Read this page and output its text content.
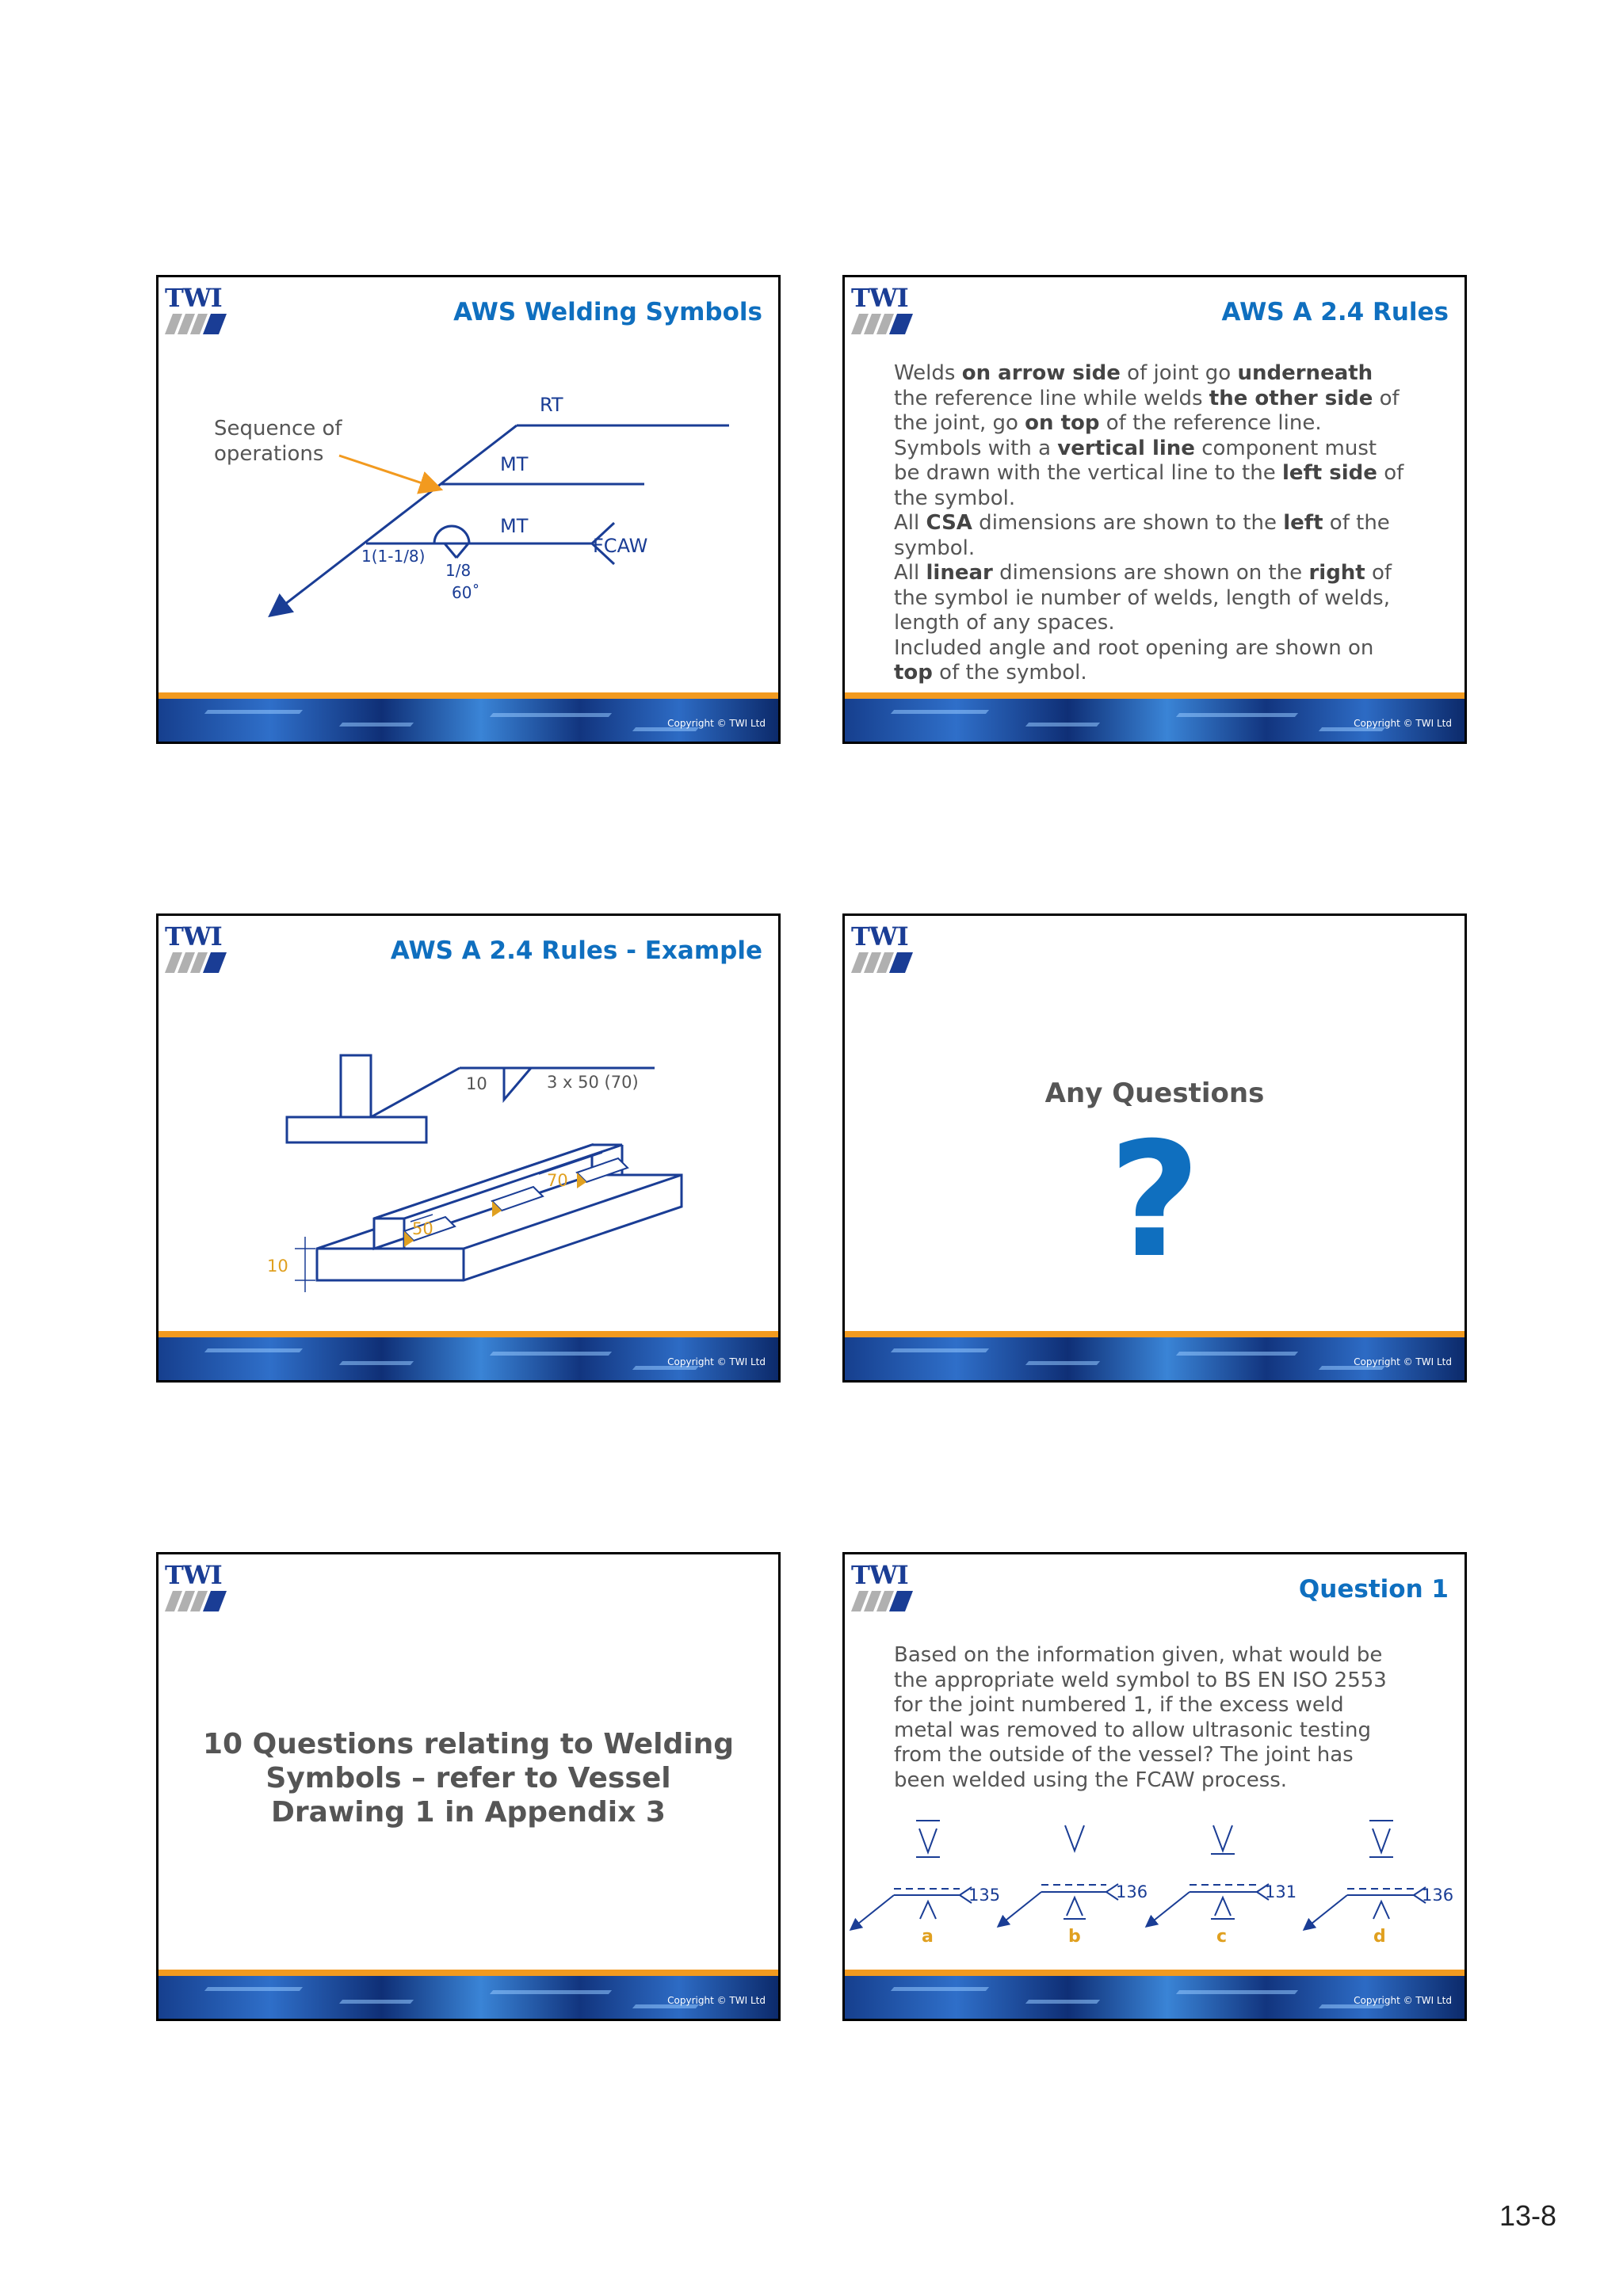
TWI	AWS Welding Symbols
Sequence of
operations
RT
MT
MT
FCAW
1(1-1/8)
1/8
60˚
Copyright © TWI Ltd
TWI	AWS A 2.4 Rules
Welds on arrow side of joint go underneath
the reference line while welds the other side of
the joint, go on top of the reference line.
Symbols with a vertical line component must
be drawn with the vertical line to the left side of
the symbol.
All CSA dimensions are shown to the left of the
symbol.
All linear dimensions are shown on the right of
the symbol ie number of welds, length of welds,
length of any spaces.
Included angle and root opening are shown on
top of the symbol.
Copyright © TWI Ltd
TWI	AWS A 2.4 Rules - Example
10	3 x 50 (70)
70
50
10
Copyright © TWI Ltd
TWI
Any Questions
?
Copyright © TWI Ltd
TWI
10 Questions relating to Welding
Symbols – refer to Vessel
Drawing 1 in Appendix 3
Copyright © TWI Ltd
TWI	Question 1
Based on the information given, what would be
the appropriate weld symbol to BS EN ISO 2553
for the joint numbered 1, if the excess weld
metal was removed to allow ultrasonic testing
from the outside of the vessel? The joint has
been welded using the FCAW process.
135	136	131	136
a	b	c	d
Copyright © TWI Ltd
13-8
